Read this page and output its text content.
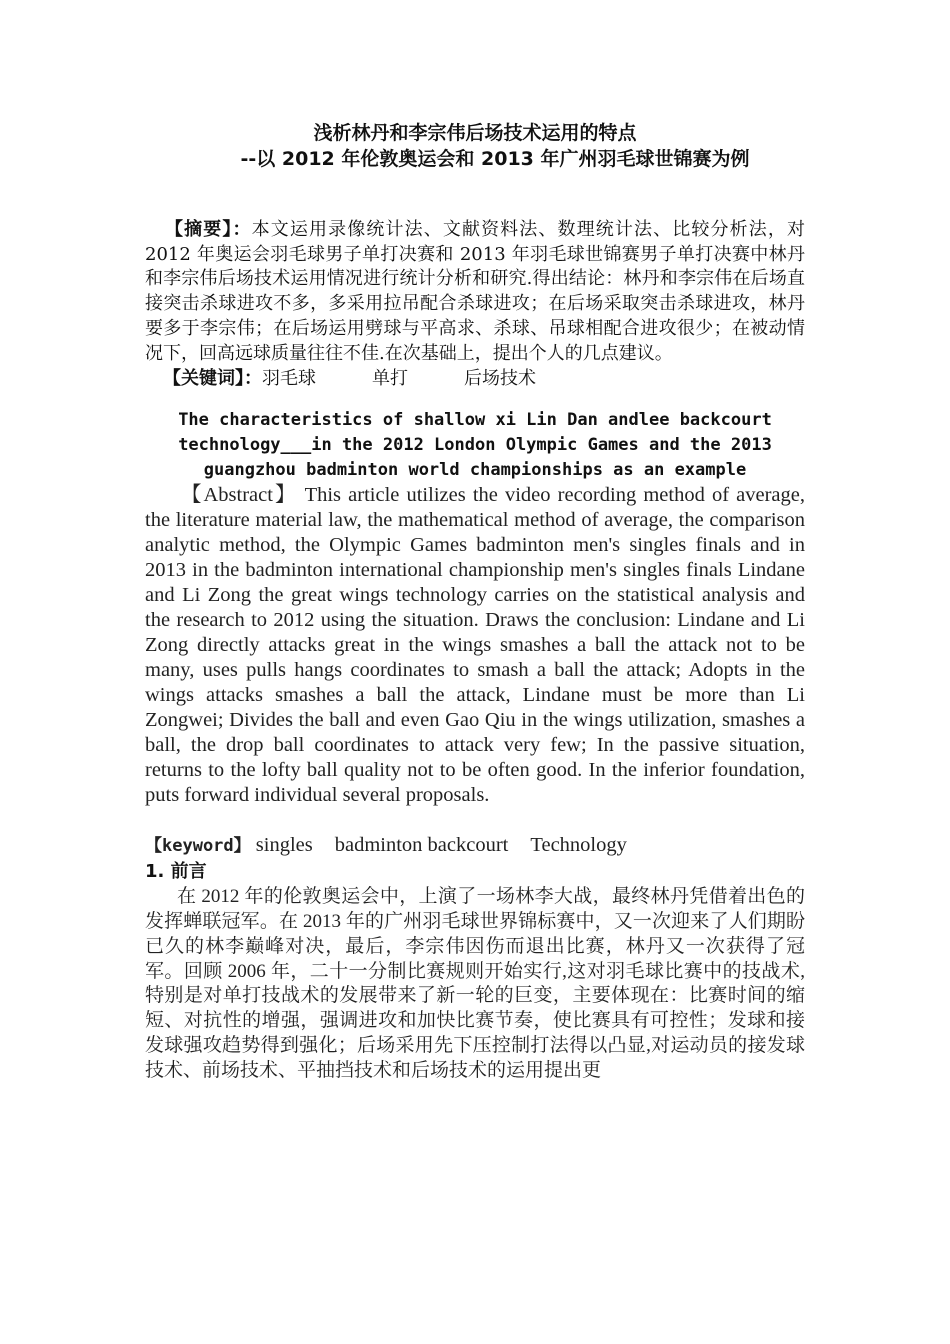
浅析林丹和李宗伟后场技术运用的特点
--以 2012 年伦敦奥运会和 2013 年广州羽毛球世锦赛为例

【摘要】：本文运用录像统计法、文献资料法、数理统计法、比较分析法，对 2012 年奥运会羽毛球男子单打决赛和 2013 年羽毛球世锦赛男子单打决赛中林丹和李宗伟后场技术运用情况进行统计分析和研究.得出结论：林丹和李宗伟在后场直接突击杀球进攻不多，多采用拉吊配合杀球进攻；在后场采取突击杀球进攻，林丹要多于李宗伟；在后场运用劈球与平高求、杀球、吊球相配合进攻很少；在被动情况下，回高远球质量往往不佳.在次基础上，提出个人的几点建议。

【关键词】：羽毛球	单打	后场技术

The characteristics of shallow xi Lin Dan andlee backcourt technology___in the 2012 London Olympic Games and the 2013 guangzhou badminton world championships as an example

【Abstract】 This article utilizes the video recording method of average, the literature material law, the mathematical method of average, the comparison analytic method, the Olympic Games badminton men's singles finals and in 2013 in the badminton international championship men's singles finals Lindane and Li Zong the great wings technology carries on the statistical analysis and the research to 2012 using the situation. Draws the conclusion: Lindane and Li Zong directly attacks great in the wings smashes a ball the attack not to be many, uses pulls hangs coordinates to smash a ball the attack; Adopts in the wings attacks smashes a ball the attack, Lindane must be more than Li Zongwei; Divides the ball and even Gao Qiu in the wings utilization, smashes a ball, the drop ball coordinates to attack very few; In the passive situation, returns to the lofty ball quality not to be often good. In the inferior foundation, puts forward individual several proposals.

【keyword】 singles badminton backcourt Technology

1. 前言

在 2012 年的伦敦奥运会中，上演了一场林李大战，最终林丹凭借着出色的发挥蝉联冠军。在 2013 年的广州羽毛球世界锦标赛中，又一次迎来了人们期盼已久的林李巅峰对决，最后，李宗伟因伤而退出比赛，林丹又一次获得了冠军。回顾 2006 年，二十一分制比赛规则开始实行,这对羽毛球比赛中的技战术,特别是对单打技战术的发展带来了新一轮的巨变，主要体现在：比赛时间的缩短、对抗性的增强，强调进攻和加快比赛节奏，使比赛具有可控性；发球和接发球强攻趋势得到强化；后场采用先下压控制打法得以凸显,对运动员的接发球技术、前场技术、平抽挡技术和后场技术的运用提出更
